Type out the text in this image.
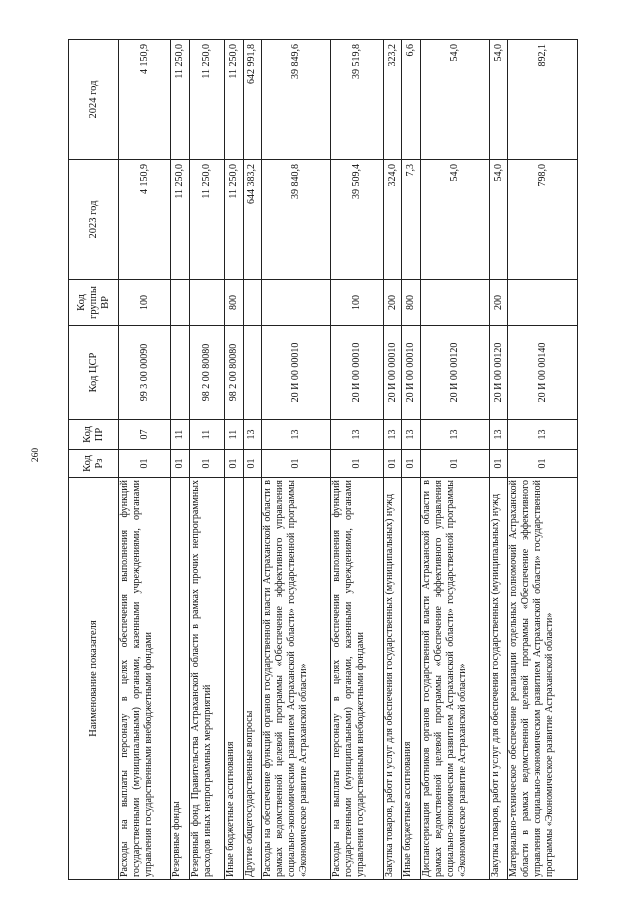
260
Наименование показателя	Код Рз	Код ПР	Код ЦСР	Код группы ВР	2023 год	2024 год
Расходы на выплаты персоналу в целях обеспечения выполнения функций государственными (муниципальными) органами, казенными учреждениями, органами управления государственными внебюджетными фондами	01	07	99 3 00 00090	100	4 150,9	4 150,9
Резервные фонды	01	11			11 250,0	11 250,0
Резервный фонд Правительства Астраханской области в рамках прочих непрограммных расходов иных непрограммных мероприятий	01	11	98 2 00 80080		11 250,0	11 250,0
Иные бюджетные ассигнования	01	11	98 2 00 80080	800	11 250,0	11 250,0
Другие общегосударственные вопросы	01	13			644 383,2	642 991,8
Расходы на обеспечение функций органов государственной власти Астраханской области в рамках ведомственной целевой программы «Обеспечение эффективного управления социально-экономическим развитием Астраханской области» государственной программы «Экономическое развитие Астраханской области»	01	13	20 И 00 00010		39 840,8	39 849,6
Расходы на выплаты персоналу в целях обеспечения выполнения функций государственными (муниципальными) органами, казенными учреждениями, органами управления государственными внебюджетными фондами	01	13	20 И 00 00010	100	39 509,4	39 519,8
Закупка товаров, работ и услуг для обеспечения государственных (муниципальных) нужд	01	13	20 И 00 00010	200	324,0	323,2
Иные бюджетные ассигнования	01	13	20 И 00 00010	800	7,3	6,6
Диспансеризация работников органов государственной власти Астраханской области в рамках ведомственной целевой программы «Обеспечение эффективного управления социально-экономическим развитием Астраханской области» государственной программы «Экономическое развитие Астраханской области»	01	13	20 И 00 00120		54,0	54,0
Закупка товаров, работ и услуг для обеспечения государственных (муниципальных) нужд	01	13	20 И 00 00120	200	54,0	54,0
Материально-техническое обеспечение реализации отдельных полномочий Астраханской области в рамках ведомственной целевой программы «Обеспечение эффективного управления социально-экономическим развитием Астраханской области» государственной программы «Экономическое развитие Астраханской области»	01	13	20 И 00 00140		798,0	892,1
